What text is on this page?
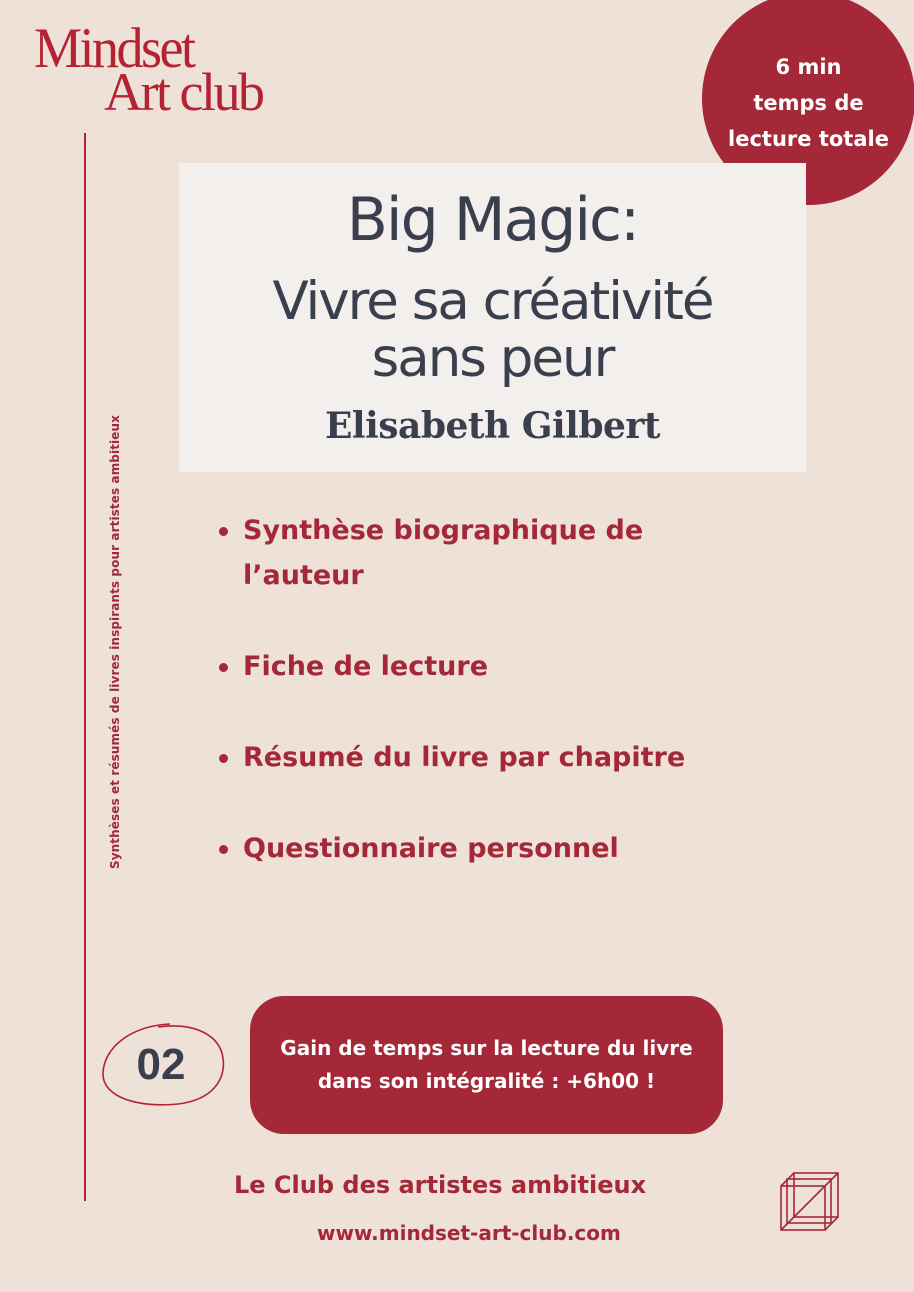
Mindset
Art club
Synthèses et résumés de livres inspirants pour artistes ambitieux
6 min
temps de
lecture totale
Big Magic:
Vivre sa créativité
sans peur
Elisabeth Gilbert
Synthèse biographique de l’auteur
Fiche de lecture
Résumé du livre par chapitre
Questionnaire personnel
02	Gain de temps sur la lecture du livre
dans son intégralité : +6h00 !
Le Club des artistes ambitieux
www.mindset-art-club.com
